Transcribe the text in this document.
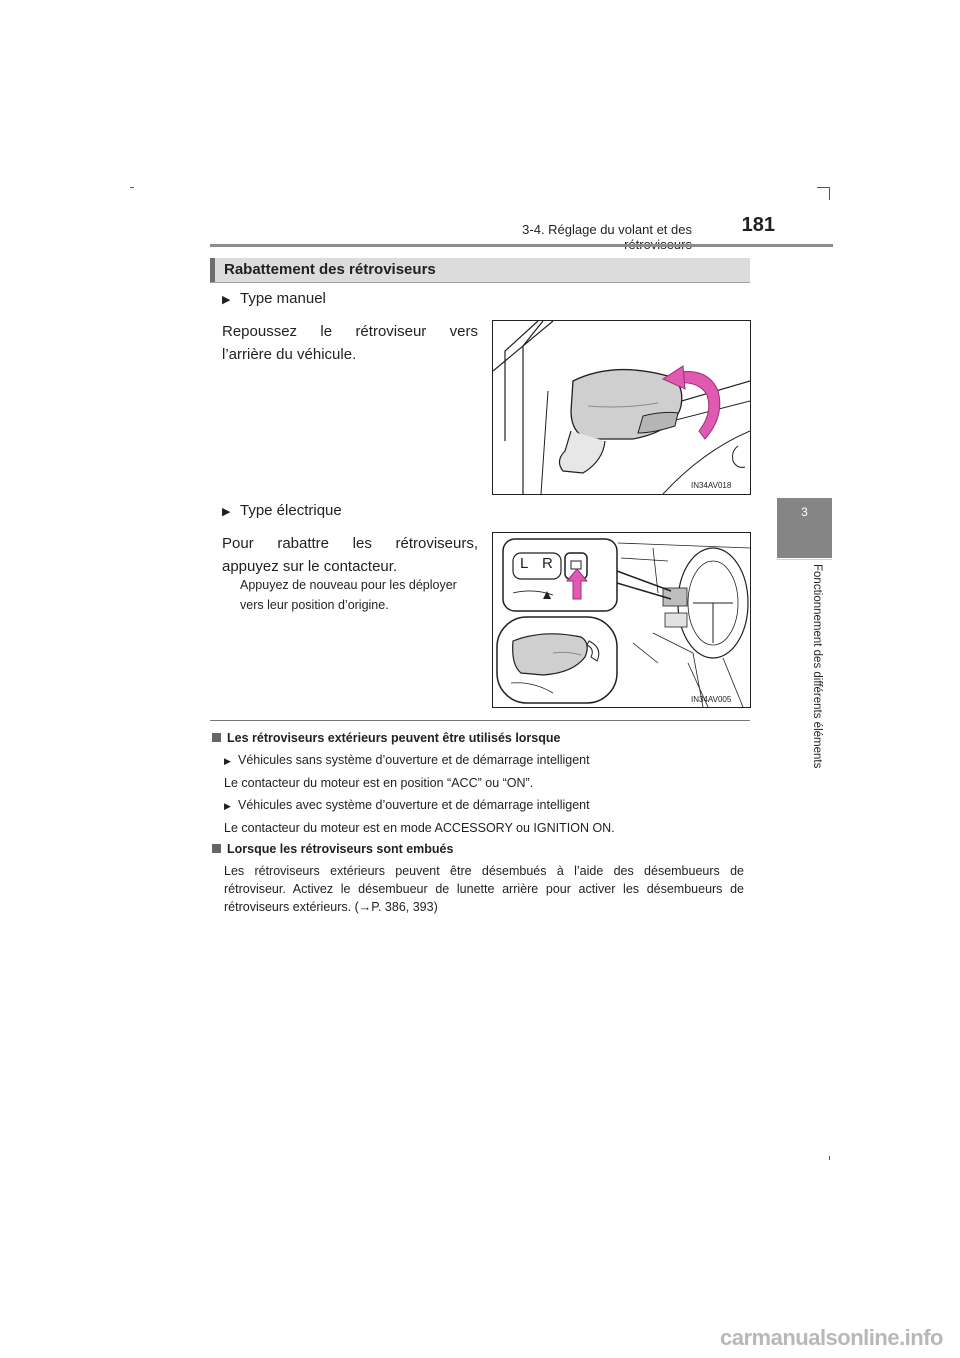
3-4. Réglage du volant et des	181
3
Fonctionnement des différents éléments
Rabattement des rétroviseurs
▶ Type manuel
Repoussez le rétroviseur vers
l’arrière du véhicule.
IN34AV018
▶ Type électrique
Pour rabattre les rétroviseurs,
appuyez sur le contacteur.
Appuyez de nouveau pour les déployer
vers leur position d’origine.
L R
IN34AV005
Les rétroviseurs extérieurs peuvent être utilisés lorsque
▶ Véhicules sans système d’ouverture et de démarrage intelligent
Le contacteur du moteur est en position “ACC” ou “ON”.
▶ Véhicules avec système d’ouverture et de démarrage intelligent
Le contacteur du moteur est en mode ACCESSORY ou IGNITION ON.
Lorsque les rétroviseurs sont embués
Les rétroviseurs extérieurs peuvent être désembués à l’aide des désembueurs de
rétroviseur. Activez le désembueur de lunette arrière pour activer les désembueurs de
rétroviseurs extérieurs. (→P. 386, 393)
carmanualsonline.info
